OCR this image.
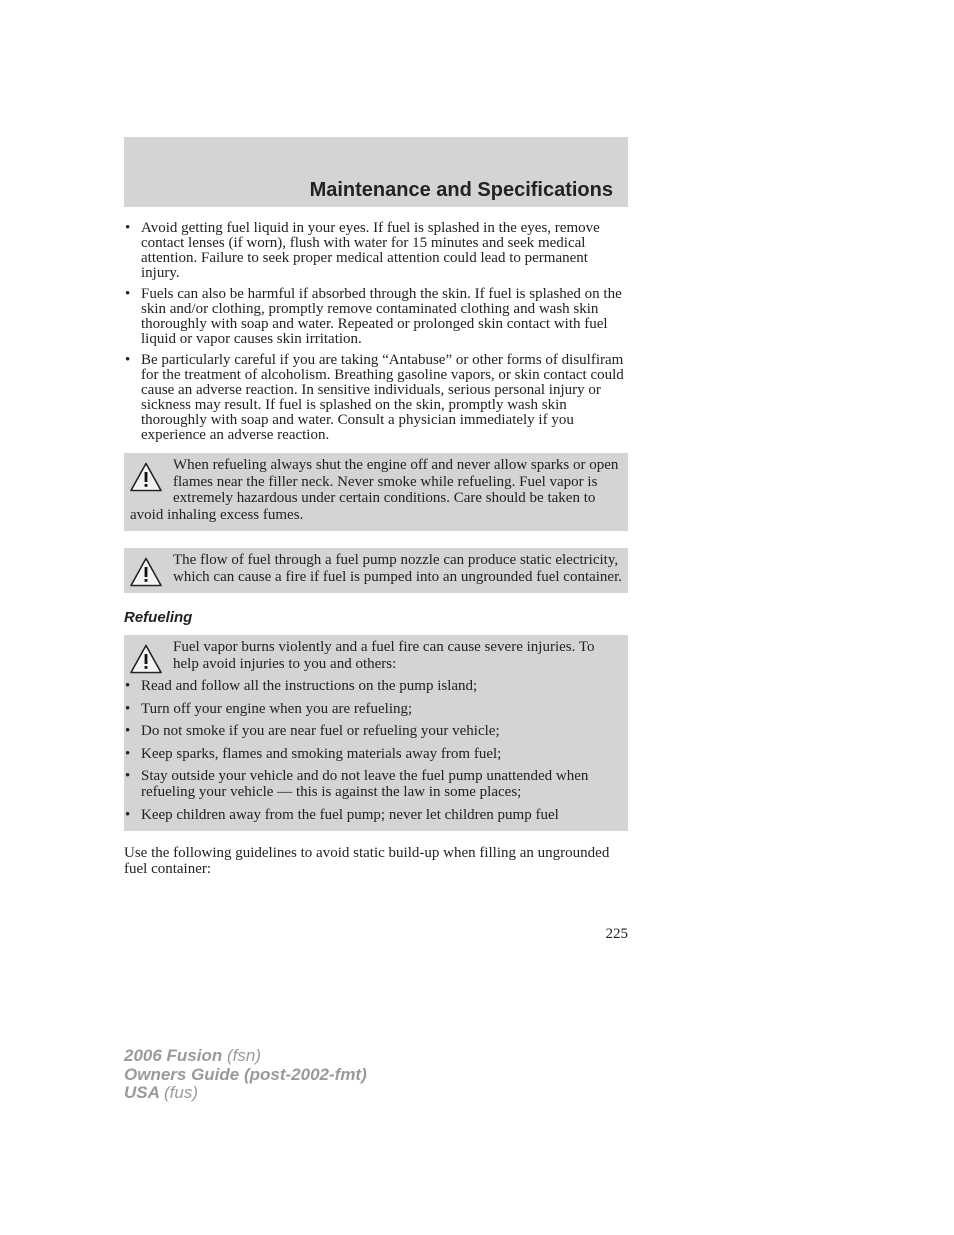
Maintenance and Specifications
• Avoid getting fuel liquid in your eyes. If fuel is splashed in the eyes, remove contact lenses (if worn), flush with water for 15 minutes and seek medical attention. Failure to seek proper medical attention could lead to permanent injury.
• Fuels can also be harmful if absorbed through the skin. If fuel is splashed on the skin and/or clothing, promptly remove contaminated clothing and wash skin thoroughly with soap and water. Repeated or prolonged skin contact with fuel liquid or vapor causes skin irritation.
• Be particularly careful if you are taking “Antabuse” or other forms of disulfiram for the treatment of alcoholism. Breathing gasoline vapors, or skin contact could cause an adverse reaction. In sensitive individuals, serious personal injury or sickness may result. If fuel is splashed on the skin, promptly wash skin thoroughly with soap and water. Consult a physician immediately if you experience an adverse reaction.

When refueling always shut the engine off and never allow sparks or open flames near the filler neck. Never smoke while refueling. Fuel vapor is extremely hazardous under certain conditions. Care should be taken to avoid inhaling excess fumes.

The flow of fuel through a fuel pump nozzle can produce static electricity, which can cause a fire if fuel is pumped into an ungrounded fuel container.

Refueling

Fuel vapor burns violently and a fuel fire can cause severe injuries. To help avoid injuries to you and others:

• Read and follow all the instructions on the pump island;
• Turn off your engine when you are refueling;
• Do not smoke if you are near fuel or refueling your vehicle;
• Keep sparks, flames and smoking materials away from fuel;
• Stay outside your vehicle and do not leave the fuel pump unattended when refueling your vehicle — this is against the law in some places;
• Keep children away from the fuel pump; never let children pump fuel

Use the following guidelines to avoid static build-up when filling an ungrounded fuel container:

225
2006 Fusion (fsn)
Owners Guide (post-2002-fmt)
USA (fus)
